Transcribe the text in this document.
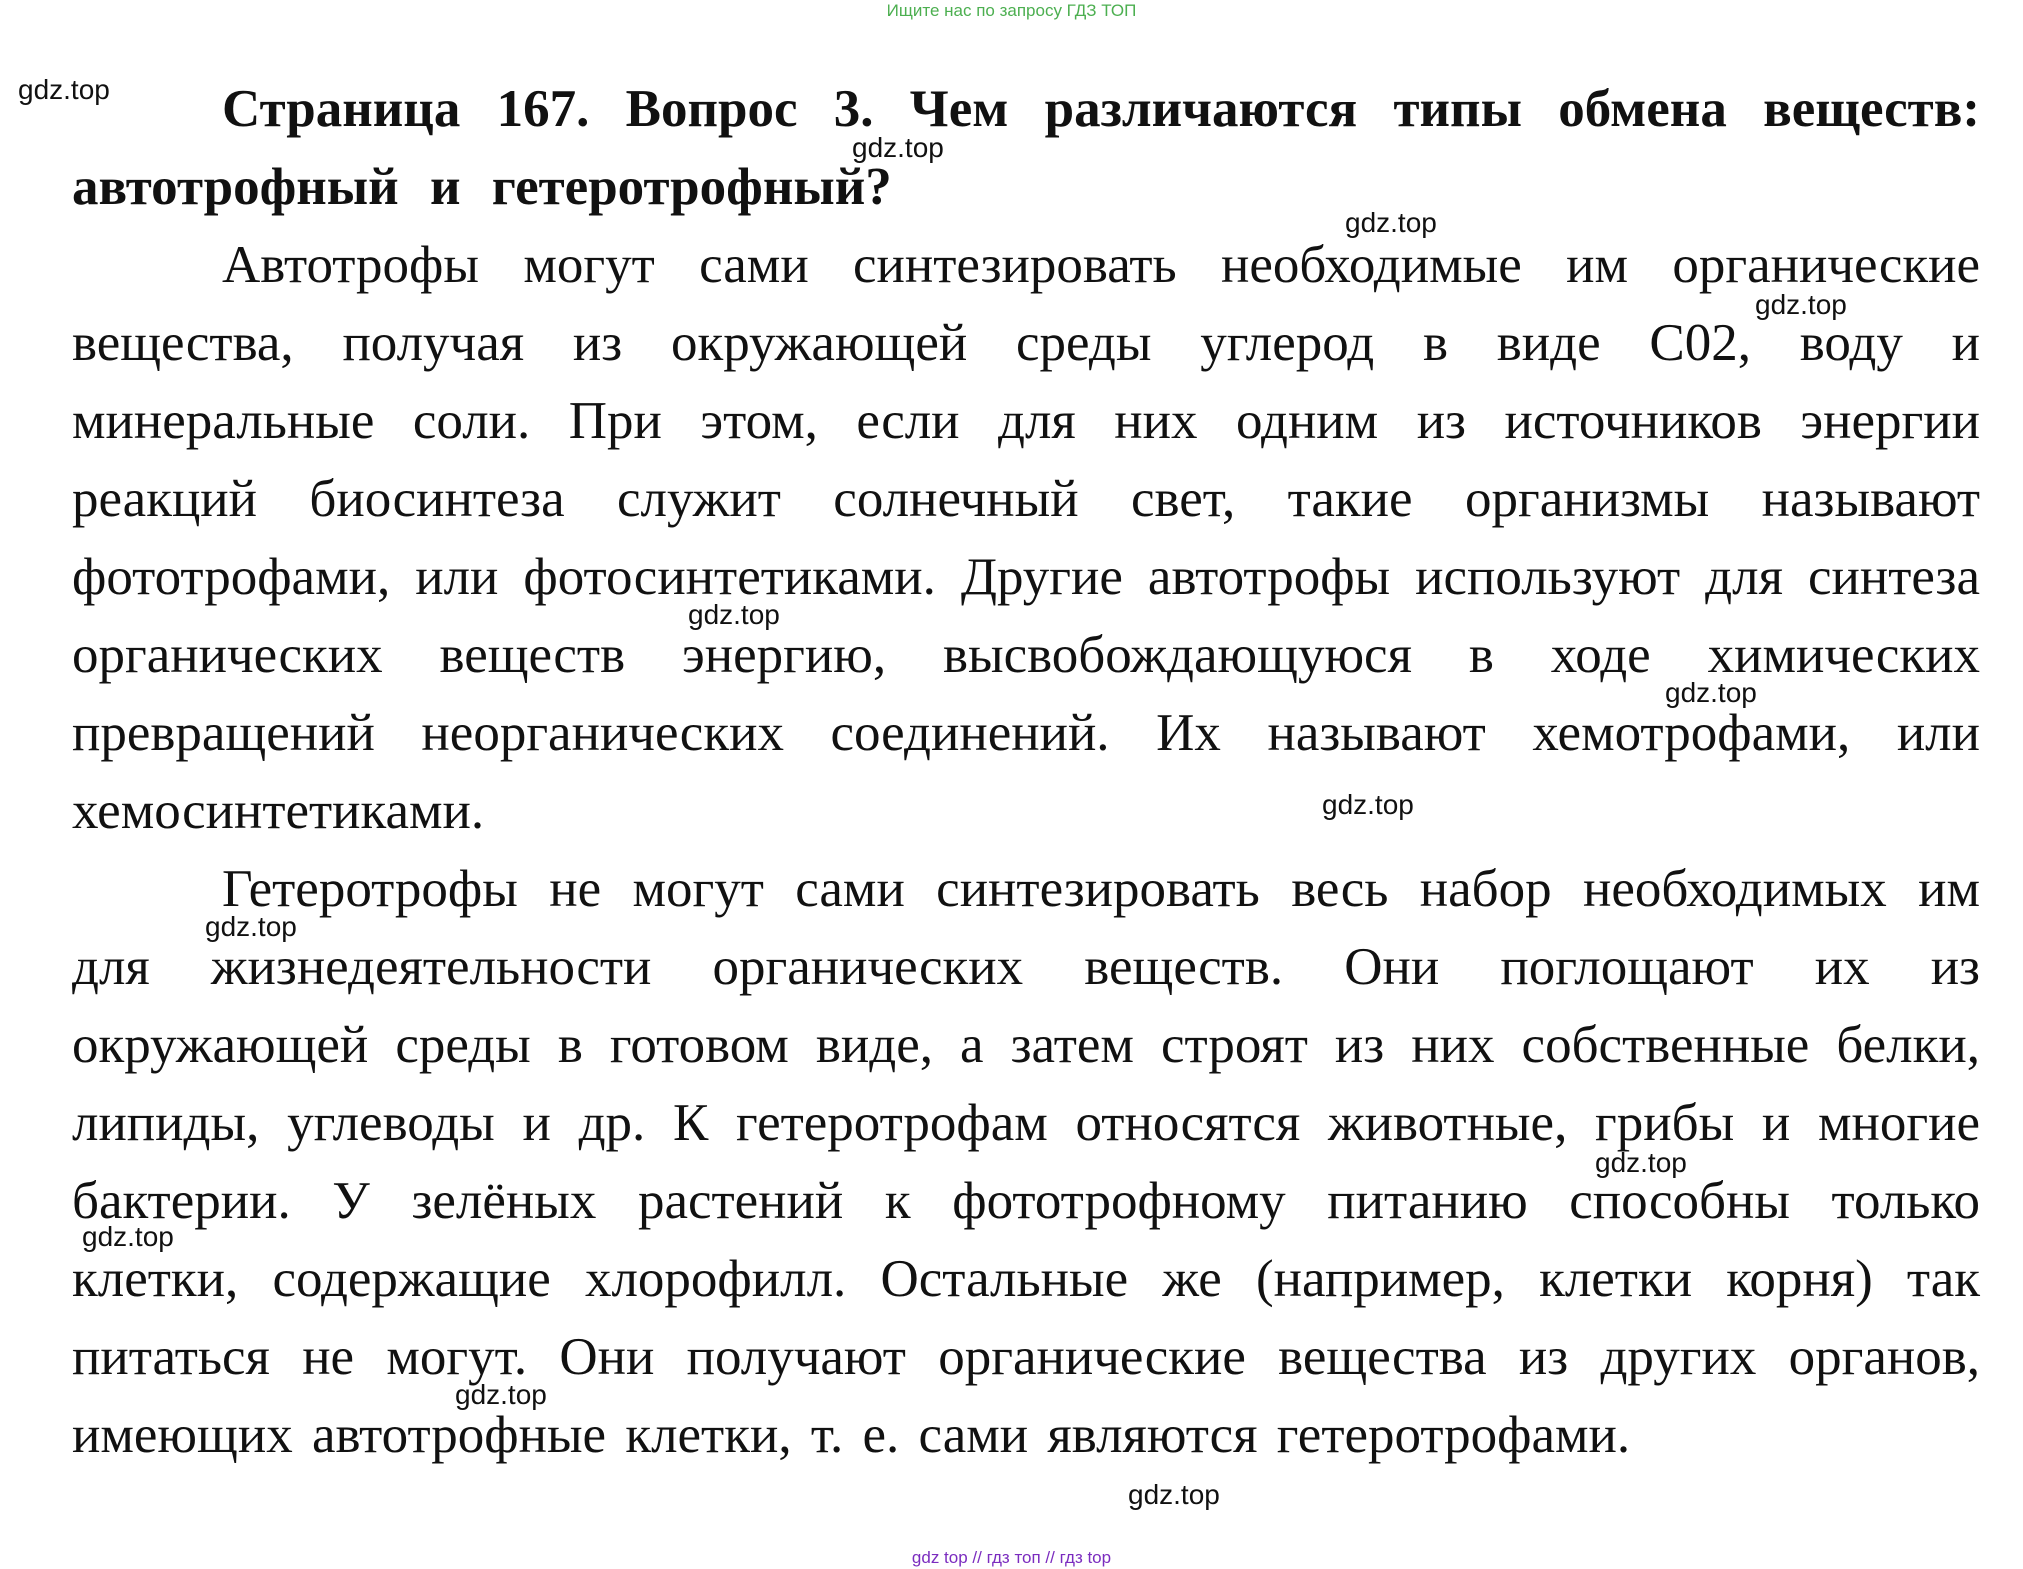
Ищите нас по запросу ГДЗ ТОП

Страница 167. Вопрос 3. Чем различаются типы обмена веществ: автотрофный и гетеротрофный?

Автотрофы могут сами синтезировать необходимые им органические вещества, получая из окружающей среды углерод в виде С02, воду и минеральные соли. При этом, если для них одним из источников энергии реакций биосинтеза служит солнечный свет, такие организмы называют фототрофами, или фотосинтетиками. Другие автотрофы используют для синтеза органических веществ энергию, высвобождающуюся в ходе химических превращений неорганических соединений. Их называют хемотрофами, или хемосинтетиками.

Гетеротрофы не могут сами синтезировать весь набор необходимых им для жизнедеятельности органических веществ. Они поглощают их из окружающей среды в готовом виде, а затем строят из них собственные белки, липиды, углеводы и др. К гетеротрофам относятся животные, грибы и многие бактерии. У зелёных растений к фототрофному питанию способны только клетки, содержащие хлорофилл. Остальные же (например, клетки корня) так питаться не могут. Они получают органические вещества из других органов, имеющих автотрофные клетки, т. е. сами являются гетеротрофами.

gdz.top
gdz.top
gdz.top
gdz.top
gdz.top
gdz.top
gdz.top
gdz.top
gdz.top
gdz.top
gdz.top
gdz.top
gdz top // гдз топ // гдз top
